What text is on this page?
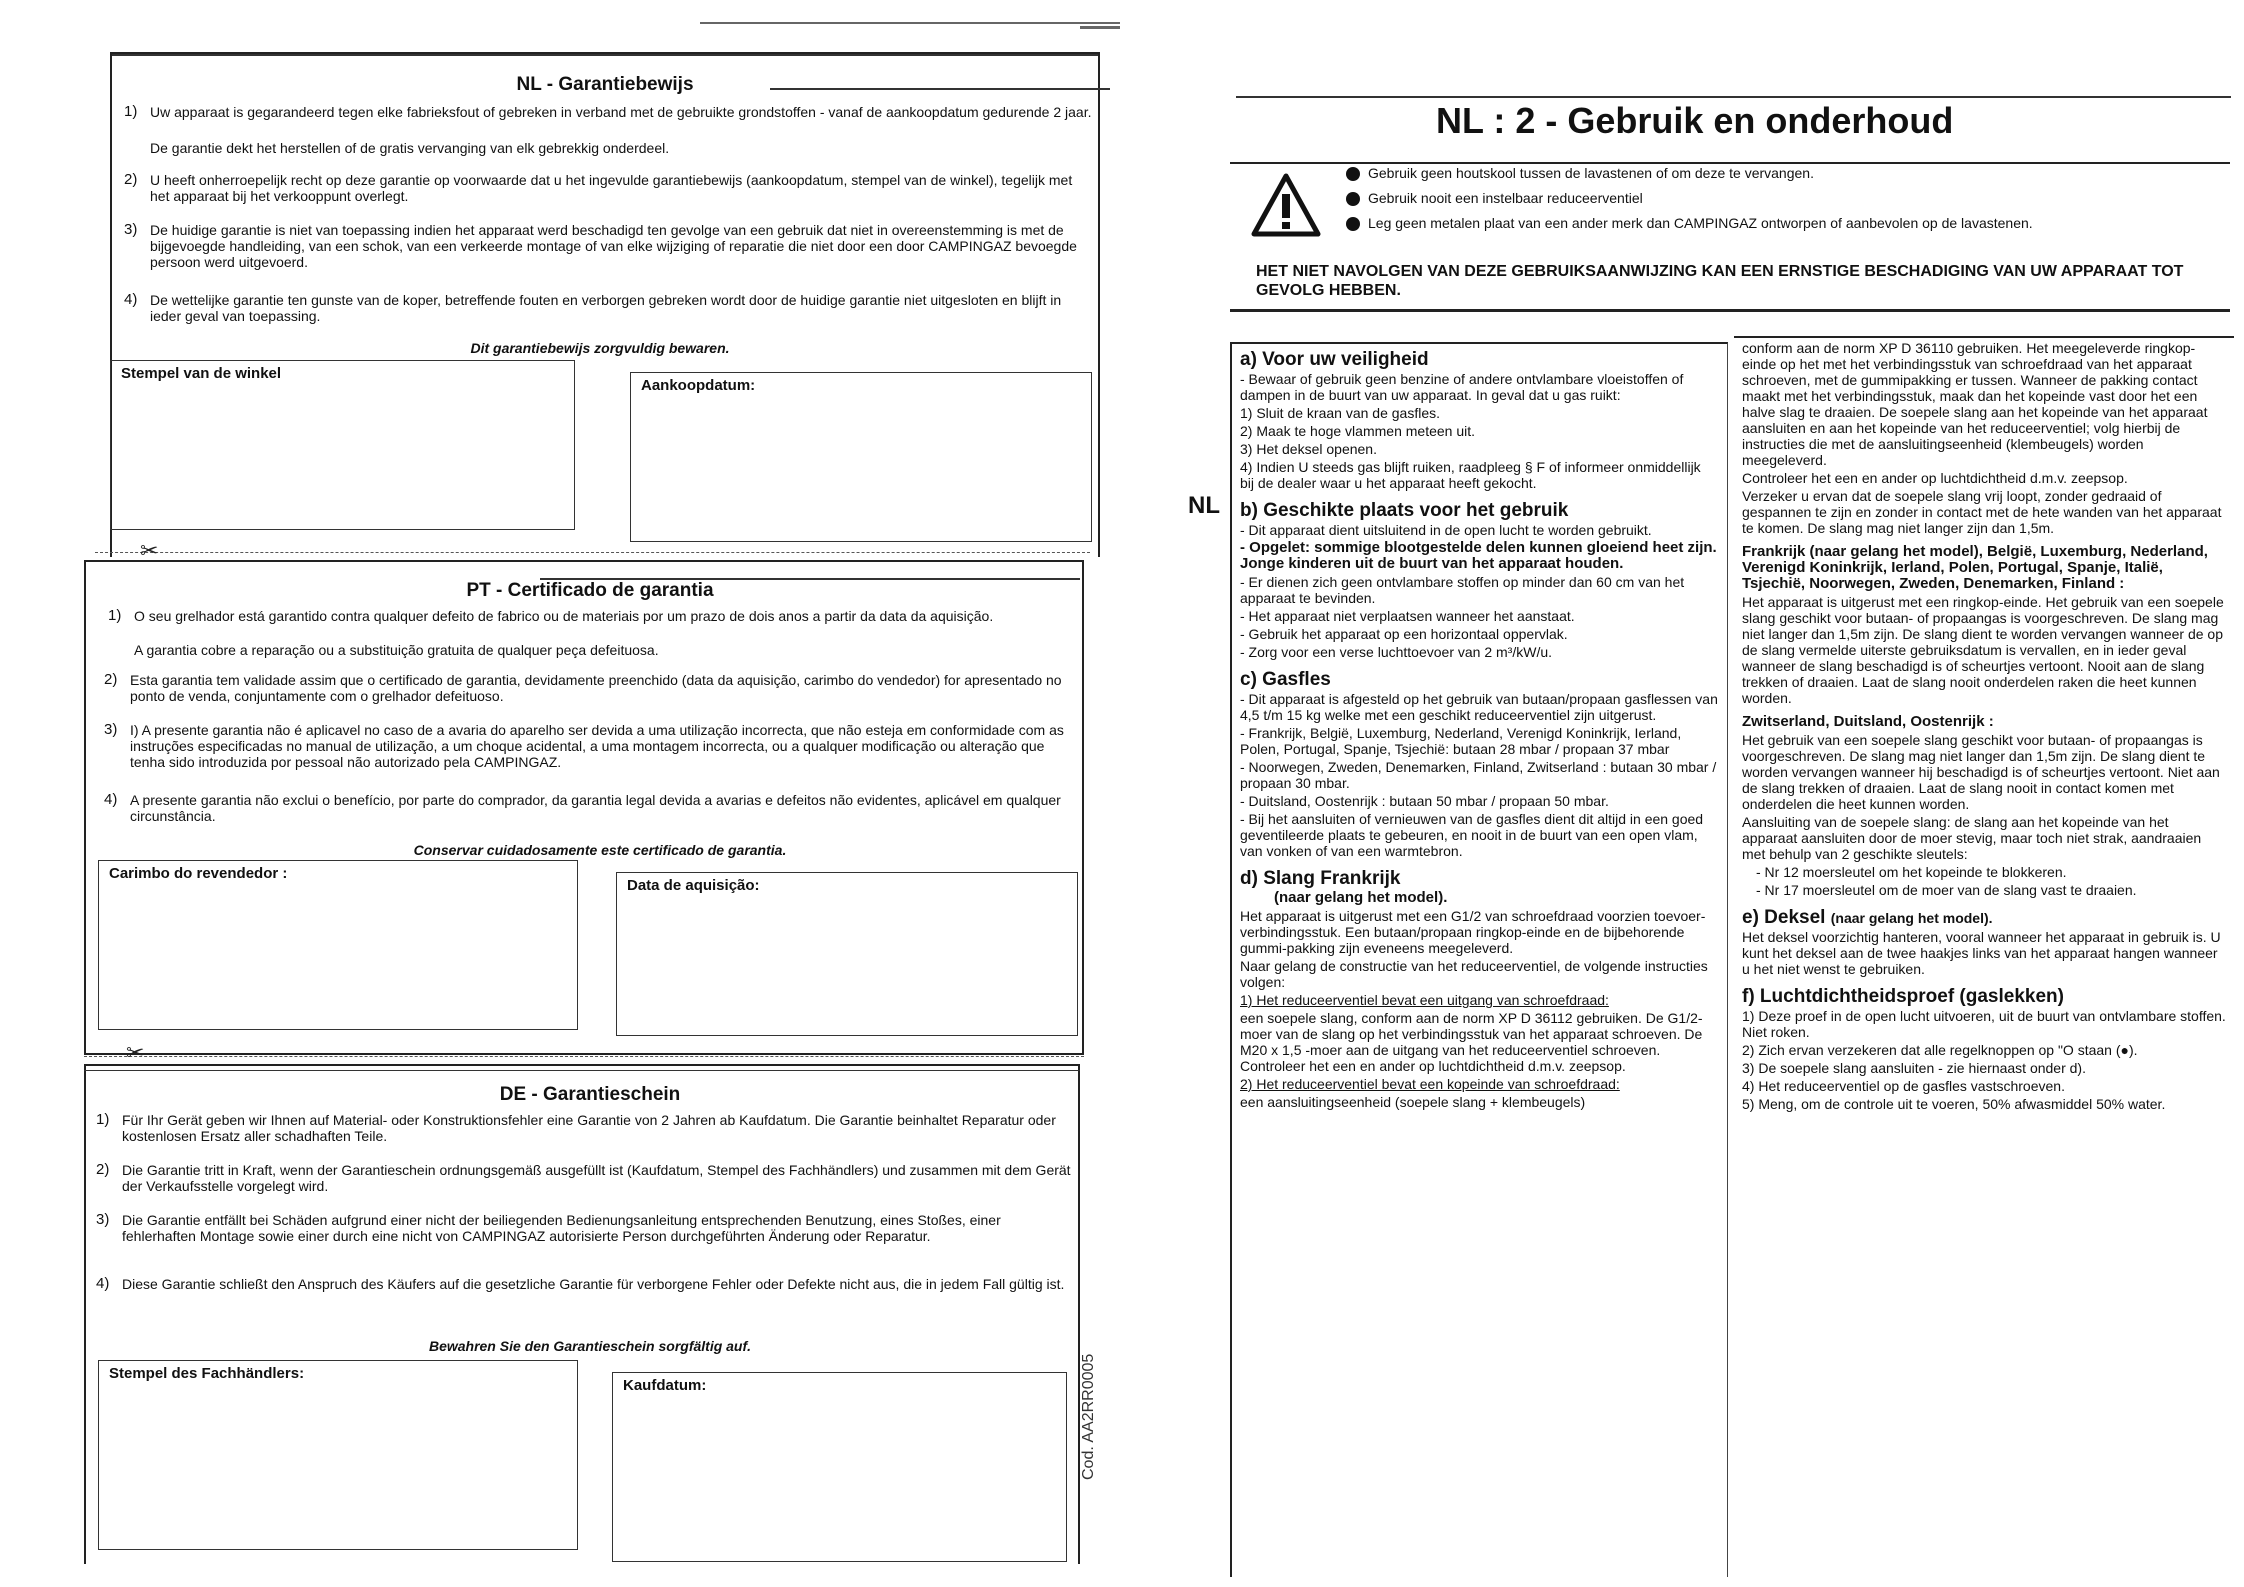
NL - Garantiebewijs
1) Uw apparaat is gegarandeerd tegen elke fabrieksfout of gebreken in verband met de gebruikte grondstoffen - vanaf de aankoopdatum gedurende 2 jaar.
De garantie dekt het herstellen of de gratis vervanging van elk gebrekkig onderdeel.
2) U heeft onherroepelijk recht op deze garantie op voorwaarde dat u het ingevulde garantiebewijs (aankoopdatum, stempel van de winkel), tegelijk met het apparaat bij het verkooppunt overlegt.
3) De huidige garantie is niet van toepassing indien het apparaat werd beschadigd ten gevolge van een gebruik dat niet in overeenstemming is met de bijgevoegde handleiding, van een schok, van een verkeerde montage of van elke wijziging of reparatie die niet door een door CAMPINGAZ bevoegde persoon werd uitgevoerd.
4) De wettelijke garantie ten gunste van de koper, betreffende fouten en verborgen gebreken wordt door de huidige garantie niet uitgesloten en blijft in ieder geval van toepassing.
Dit garantiebewijs zorgvuldig bewaren.
Stempel van de winkel
Aankoopdatum:
✂
PT - Certificado de garantia
1) O seu grelhador está garantido contra qualquer defeito de fabrico ou de materiais por um prazo de dois anos a partir da data da aquisição.
A garantia cobre a reparação ou a substituição gratuita de qualquer peça defeituosa.
2) Esta garantia tem validade assim que o certificado de garantia, devidamente preenchido (data da aquisição, carimbo do vendedor) for apresentado no ponto de venda, conjuntamente com o grelhador defeituoso.
3) I) A presente garantia não é aplicavel no caso de a avaria do aparelho ser devida a uma utilização incorrecta, que não esteja em conformidade com as instruções especificadas no manual de utilização, a um choque acidental, a uma montagem incorrecta, ou a qualquer modificação ou alteração que tenha sido introduzida por pessoal não autorizado pela CAMPINGAZ.
4) A presente garantia não exclui o benefício, por parte do comprador, da garantia legal devida a avarias e defeitos não evidentes, aplicável em qualquer circunstância.
Conservar cuidadosamente este certificado de garantia.
Carimbo do revendedor :
Data de aquisição:
✂
DE - Garantieschein
1) Für Ihr Gerät geben wir Ihnen auf Material- oder Konstruktionsfehler eine Garantie von 2 Jahren ab Kaufdatum. Die Garantie beinhaltet Reparatur oder kostenlosen Ersatz aller schadhaften Teile.
2) Die Garantie tritt in Kraft, wenn der Garantieschein ordnungsgemäß ausgefüllt ist (Kaufdatum, Stempel des Fachhändlers) und zusammen mit dem Gerät der Verkaufsstelle vorgelegt wird.
3) Die Garantie entfällt bei Schäden aufgrund einer nicht der beiliegenden Bedienungsanleitung entsprechenden Benutzung, eines Stoßes, einer fehlerhaften Montage sowie einer durch eine nicht von CAMPINGAZ autorisierte Person durchgeführten Änderung oder Reparatur.
4) Diese Garantie schließt den Anspruch des Käufers auf die gesetzliche Garantie für verborgene Fehler oder Defekte nicht aus, die in jedem Fall gültig ist.
Bewahren Sie den Garantieschein sorgfältig auf.
Stempel des Fachhändlers:
Kaufdatum:	Cod. AA2RR0005
NL : 2 - Gebruik en onderhoud
Gebruik geen houtskool tussen de lavastenen of om deze te vervangen.
Gebruik nooit een instelbaar reduceerventiel
Leg geen metalen plaat van een ander merk dan CAMPINGAZ ontworpen of aanbevolen op de lavastenen.
HET NIET NAVOLGEN VAN DEZE GEBRUIKSAANWIJZING KAN EEN ERNSTIGE BESCHADIGING VAN UW APPARAAT TOT GEVOLG HEBBEN.
NL
a) Voor uw veiligheid

- Bewaar of gebruik geen benzine of andere ontvlambare vloeistoffen of dampen in de buurt van uw apparaat. In geval dat u gas ruikt:

1) Sluit de kraan van de gasfles.

2) Maak te hoge vlammen meteen uit.

3) Het deksel openen.

4) Indien U steeds gas blijft ruiken, raadpleeg § F of informeer onmiddellijk bij de dealer waar u het apparaat heeft gekocht.

b) Geschikte plaats voor het gebruik

- Dit apparaat dient uitsluitend in de open lucht te worden gebruikt.

- Opgelet: sommige blootgestelde delen kunnen gloeiend heet zijn. Jonge kinderen uit de buurt van het apparaat houden.

- Er dienen zich geen ontvlambare stoffen op minder dan 60 cm van het apparaat te bevinden.

- Het apparaat niet verplaatsen wanneer het aanstaat.

- Gebruik het apparaat op een horizontaal oppervlak.

- Zorg voor een verse luchttoevoer van 2 m³/kW/u.

c) Gasfles

- Dit apparaat is afgesteld op het gebruik van butaan/propaan gasflessen van 4,5 t/m 15 kg welke met een geschikt reduceerventiel zijn uitgerust.

- Frankrijk, België, Luxemburg, Nederland, Verenigd Koninkrijk, Ierland, Polen, Portugal, Spanje, Tsjechië: butaan 28 mbar / propaan 37 mbar

- Noorwegen, Zweden, Denemarken, Finland, Zwitserland : butaan 30 mbar / propaan 30 mbar.

- Duitsland, Oostenrijk : butaan 50 mbar / propaan 50 mbar.

- Bij het aansluiten of vernieuwen van de gasfles dient dit altijd in een goed geventileerde plaats te gebeuren, en nooit in de buurt van een open vlam, van vonken of van een warmtebron.

d) Slang Frankrijk

(naar gelang het model).

Het apparaat is uitgerust met een G1/2 van schroefdraad voorzien toevoer-verbindingsstuk. Een butaan/propaan ringkop-einde en de bijbehorende gummi-pakking zijn eveneens meegeleverd.

Naar gelang de constructie van het reduceerventiel, de volgende instructies volgen:

1) Het reduceerventiel bevat een uitgang van schroefdraad:

een soepele slang, conform aan de norm XP D 36112 gebruiken. De G1/2-moer van de slang op het verbindingsstuk van het apparaat schroeven. De M20 x 1,5 -moer aan de uitgang van het reduceerventiel schroeven. Controleer het een en ander op luchtdichtheid d.m.v. zeepsop.

2) Het reduceerventiel bevat een kopeinde van schroefdraad:

een aansluitingseenheid (soepele slang + klembeugels)

conform aan de norm XP D 36110 gebruiken. Het meegeleverde ringkop-einde op het met het verbindingsstuk van schroefdraad van het apparaat schroeven, met de gummipakking er tussen. Wanneer de pakking contact maakt met het verbindingsstuk, maak dan het kopeinde vast door het een halve slag te draaien. De soepele slang aan het kopeinde van het apparaat aansluiten en aan het kopeinde van het reduceerventiel; volg hierbij de instructies die met de aansluitingseenheid (klembeugels) worden meegeleverd.

Controleer het een en ander op luchtdichtheid d.m.v. zeepsop.

Verzeker u ervan dat de soepele slang vrij loopt, zonder gedraaid of gespannen te zijn en zonder in contact met de hete wanden van het apparaat te komen. De slang mag niet langer zijn dan 1,5m.

Frankrijk (naar gelang het model), België, Luxemburg, Nederland, Verenigd Koninkrijk, Ierland, Polen, Portugal, Spanje, Italië, Tsjechië, Noorwegen, Zweden, Denemarken, Finland :

Het apparaat is uitgerust met een ringkop-einde. Het gebruik van een soepele slang geschikt voor butaan- of propaangas is voorgeschreven. De slang mag niet langer dan 1,5m zijn. De slang dient te worden vervangen wanneer de op de slang vermelde uiterste gebruiksdatum is vervallen, en in ieder geval wanneer de slang beschadigd is of scheurtjes vertoont. Nooit aan de slang trekken of draaien. Laat de slang nooit onderdelen raken die heet kunnen worden.

Zwitserland, Duitsland, Oostenrijk :

Het gebruik van een soepele slang geschikt voor butaan- of propaangas is voorgeschreven. De slang mag niet langer dan 1,5m zijn. De slang dient te worden vervangen wanneer hij beschadigd is of scheurtjes vertoont. Niet aan de slang trekken of draaien. Laat de slang nooit in contact komen met onderdelen die heet kunnen worden.

Aansluiting van de soepele slang: de slang aan het kopeinde van het apparaat aansluiten door de moer stevig, maar toch niet strak, aandraaien met behulp van 2 geschikte sleutels:

- Nr 12 moersleutel om het kopeinde te blokkeren.

- Nr 17 moersleutel om de moer van de slang vast te draaien.

e) Deksel (naar gelang het model).

Het deksel voorzichtig hanteren, vooral wanneer het apparaat in gebruik is. U kunt het deksel aan de twee haakjes links van het apparaat hangen wanneer u het niet wenst te gebruiken.

f) Luchtdichtheidsproef (gaslekken)

1) Deze proef in de open lucht uitvoeren, uit de buurt van ontvlambare stoffen. Niet roken.

2) Zich ervan verzekeren dat alle regelknoppen op "O staan (●).

3) De soepele slang aansluiten - zie hiernaast onder d).

4) Het reduceerventiel op de gasfles vastschroeven.

5) Meng, om de controle uit te voeren, 50% afwasmiddel 50% water.
